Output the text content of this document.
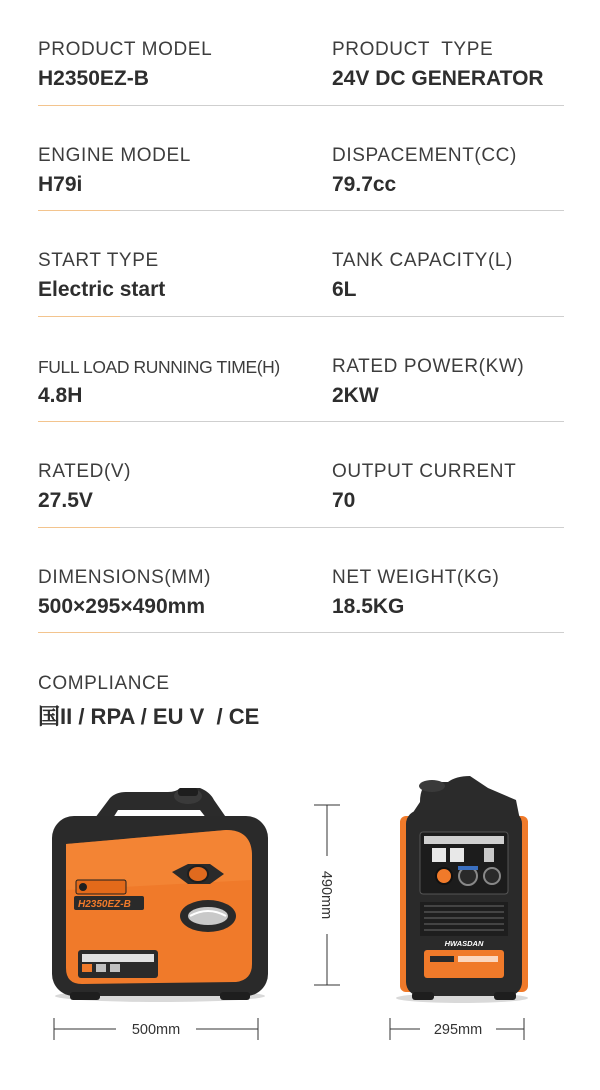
PRODUCT MODEL
H2350EZ-B
PRODUCT  TYPE
24V DC GENERATOR
ENGINE MODEL
H79i
DISPACEMENT(CC)
79.7cc
START TYPE
Electric start
TANK CAPACITY(L)
6L
FULL LOAD RUNNING TIME(H)
4.8H
RATED POWER(KW)
2KW
RATED(V)
27.5V
OUTPUT CURRENT
70
DIMENSIONS(MM)
500×295×490mm
NET WEIGHT(KG)
18.5KG
COMPLIANCE
国II / RPA / EU V  / CE
H2350EZ-B	490mm
HWASDAN
500mm	295mm
